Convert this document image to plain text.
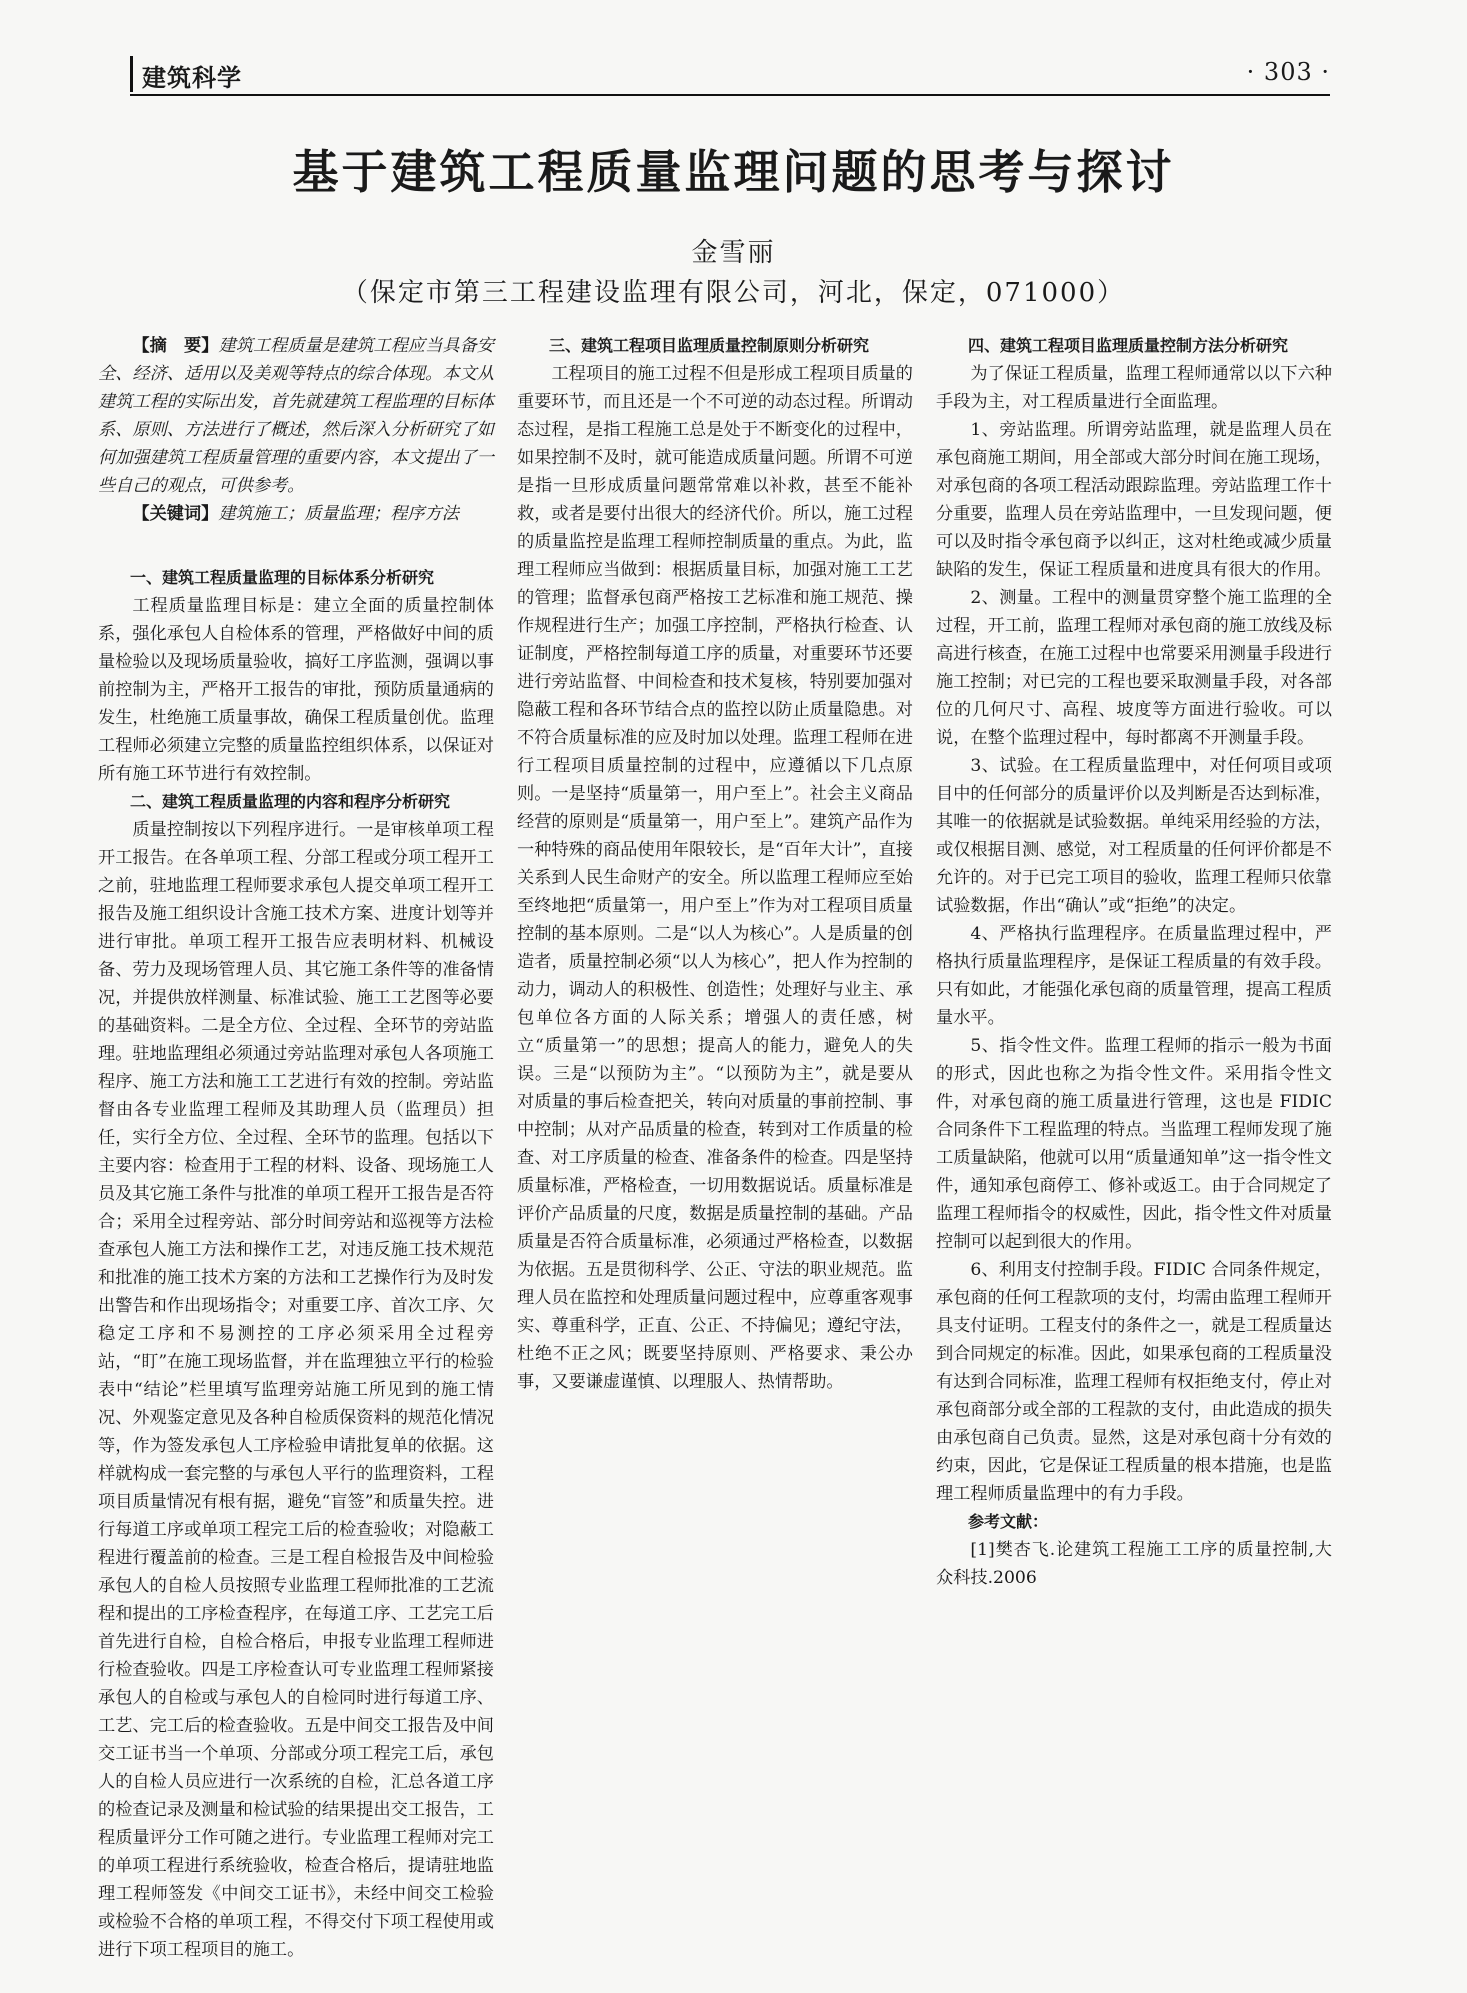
建筑科学	· 303 ·
基于建筑工程质量监理问题的思考与探讨
金雪丽
（保定市第三工程建设监理有限公司，河北，保定，071000）

【摘　要】建筑工程质量是建筑工程应当具备安全、经济、适用以及美观等特点的综合体现。本文从建筑工程的实际出发，首先就建筑工程监理的目标体系、原则、方法进行了概述，然后深入分析研究了如何加强建筑工程质量管理的重要内容，本文提出了一些自己的观点，可供参考。

【关键词】建筑施工；质量监理；程序方法

一、建筑工程质量监理的目标体系分析研究

工程质量监理目标是：建立全面的质量控制体系，强化承包人自检体系的管理，严格做好中间的质量检验以及现场质量验收，搞好工序监测，强调以事前控制为主，严格开工报告的审批，预防质量通病的发生，杜绝施工质量事故，确保工程质量创优。监理工程师必须建立完整的质量监控组织体系，以保证对所有施工环节进行有效控制。

二、建筑工程质量监理的内容和程序分析研究

质量控制按以下列程序进行。一是审核单项工程开工报告。在各单项工程、分部工程或分项工程开工之前，驻地监理工程师要求承包人提交单项工程开工报告及施工组织设计含施工技术方案、进度计划等并进行审批。单项工程开工报告应表明材料、机械设备、劳力及现场管理人员、其它施工条件等的准备情况，并提供放样测量、标准试验、施工工艺图等必要的基础资料。二是全方位、全过程、全环节的旁站监理。驻地监理组必须通过旁站监理对承包人各项施工程序、施工方法和施工工艺进行有效的控制。旁站监督由各专业监理工程师及其助理人员（监理员）担任，实行全方位、全过程、全环节的监理。包括以下主要内容：检查用于工程的材料、设备、现场施工人员及其它施工条件与批准的单项工程开工报告是否符合；采用全过程旁站、部分时间旁站和巡视等方法检查承包人施工方法和操作工艺，对违反施工技术规范和批准的施工技术方案的方法和工艺操作行为及时发出警告和作出现场指令；对重要工序、首次工序、欠稳定工序和不易测控的工序必须采用全过程旁站，“盯”在施工现场监督，并在监理独立平行的检验表中“结论”栏里填写监理旁站施工所见到的施工情况、外观鉴定意见及各种自检质保资料的规范化情况等，作为签发承包人工序检验申请批复单的依据。这样就构成一套完整的与承包人平行的监理资料，工程项目质量情况有根有据，避免“盲签”和质量失控。进行每道工序或单项工程完工后的检查验收；对隐蔽工程进行覆盖前的检查。三是工程自检报告及中间检验承包人的自检人员按照专业监理工程师批准的工艺流程和提出的工序检查程序，在每道工序、工艺完工后首先进行自检，自检合格后，申报专业监理工程师进行检查验收。四是工序检查认可专业监理工程师紧接承包人的自检或与承包人的自检同时进行每道工序、工艺、完工后的检查验收。五是中间交工报告及中间交工证书当一个单项、分部或分项工程完工后，承包人的自检人员应进行一次系统的自检，汇总各道工序的检查记录及测量和检试验的结果提出交工报告，工程质量评分工作可随之进行。专业监理工程师对完工的单项工程进行系统验收，检查合格后，提请驻地监理工程师签发《中间交工证书》，未经中间交工检验或检验不合格的单项工程，不得交付下项工程使用或进行下项工程项目的施工。

三、建筑工程项目监理质量控制原则分析研究

工程项目的施工过程不但是形成工程项目质量的重要环节，而且还是一个不可逆的动态过程。所谓动态过程，是指工程施工总是处于不断变化的过程中，如果控制不及时，就可能造成质量问题。所谓不可逆是指一旦形成质量问题常常难以补救，甚至不能补救，或者是要付出很大的经济代价。所以，施工过程的质量监控是监理工程师控制质量的重点。为此，监理工程师应当做到：根据质量目标，加强对施工工艺的管理；监督承包商严格按工艺标准和施工规范、操作规程进行生产；加强工序控制，严格执行检查、认证制度，严格控制每道工序的质量，对重要环节还要进行旁站监督、中间检查和技术复核，特别要加强对隐蔽工程和各环节结合点的监控以防止质量隐患。对不符合质量标准的应及时加以处理。监理工程师在进行工程项目质量控制的过程中，应遵循以下几点原则。一是坚持“质量第一，用户至上”。社会主义商品经营的原则是“质量第一，用户至上”。建筑产品作为一种特殊的商品使用年限较长，是“百年大计”，直接关系到人民生命财产的安全。所以监理工程师应至始至终地把“质量第一，用户至上”作为对工程项目质量控制的基本原则。二是“以人为核心”。人是质量的创造者，质量控制必须“以人为核心”，把人作为控制的动力，调动人的积极性、创造性；处理好与业主、承包单位各方面的人际关系；增强人的责任感，树立“质量第一”的思想；提高人的能力，避免人的失误。三是“以预防为主”。“以预防为主”，就是要从对质量的事后检查把关，转向对质量的事前控制、事中控制；从对产品质量的检查，转到对工作质量的检查、对工序质量的检查、准备条件的检查。四是坚持质量标准，严格检查，一切用数据说话。质量标准是评价产品质量的尺度，数据是质量控制的基础。产品质量是否符合质量标准，必须通过严格检查，以数据为依据。五是贯彻科学、公正、守法的职业规范。监理人员在监控和处理质量问题过程中，应尊重客观事实、尊重科学，正直、公正、不持偏见；遵纪守法，杜绝不正之风；既要坚持原则、严格要求、秉公办事，又要谦虚谨慎、以理服人、热情帮助。

四、建筑工程项目监理质量控制方法分析研究

为了保证工程质量，监理工程师通常以以下六种手段为主，对工程质量进行全面监理。

1、旁站监理。所谓旁站监理，就是监理人员在承包商施工期间，用全部或大部分时间在施工现场，对承包商的各项工程活动跟踪监理。旁站监理工作十分重要，监理人员在旁站监理中，一旦发现问题，便可以及时指令承包商予以纠正，这对杜绝或减少质量缺陷的发生，保证工程质量和进度具有很大的作用。

2、测量。工程中的测量贯穿整个施工监理的全过程，开工前，监理工程师对承包商的施工放线及标高进行核查，在施工过程中也常要采用测量手段进行施工控制；对已完的工程也要采取测量手段，对各部位的几何尺寸、高程、坡度等方面进行验收。可以说，在整个监理过程中，每时都离不开测量手段。

3、试验。在工程质量监理中，对任何项目或项目中的任何部分的质量评价以及判断是否达到标准，其唯一的依据就是试验数据。单纯采用经验的方法，或仅根据目测、感觉，对工程质量的任何评价都是不允许的。对于已完工项目的验收，监理工程师只依靠试验数据，作出“确认”或“拒绝”的决定。

4、严格执行监理程序。在质量监理过程中，严格执行质量监理程序，是保证工程质量的有效手段。只有如此，才能强化承包商的质量管理，提高工程质量水平。

5、指令性文件。监理工程师的指示一般为书面的形式，因此也称之为指令性文件。采用指令性文件，对承包商的施工质量进行管理，这也是 FIDIC 合同条件下工程监理的特点。当监理工程师发现了施工质量缺陷，他就可以用“质量通知单”这一指令性文件，通知承包商停工、修补或返工。由于合同规定了监理工程师指令的权威性，因此，指令性文件对质量控制可以起到很大的作用。

6、利用支付控制手段。FIDIC 合同条件规定，承包商的任何工程款项的支付，均需由监理工程师开具支付证明。工程支付的条件之一，就是工程质量达到合同规定的标准。因此，如果承包商的工程质量没有达到合同标准，监理工程师有权拒绝支付，停止对承包商部分或全部的工程款的支付，由此造成的损失由承包商自己负责。显然，这是对承包商十分有效的约束，因此，它是保证工程质量的根本措施，也是监理工程师质量监理中的有力手段。

参考文献：

[1]樊杏飞.论建筑工程施工工序的质量控制,大众科技.2006
